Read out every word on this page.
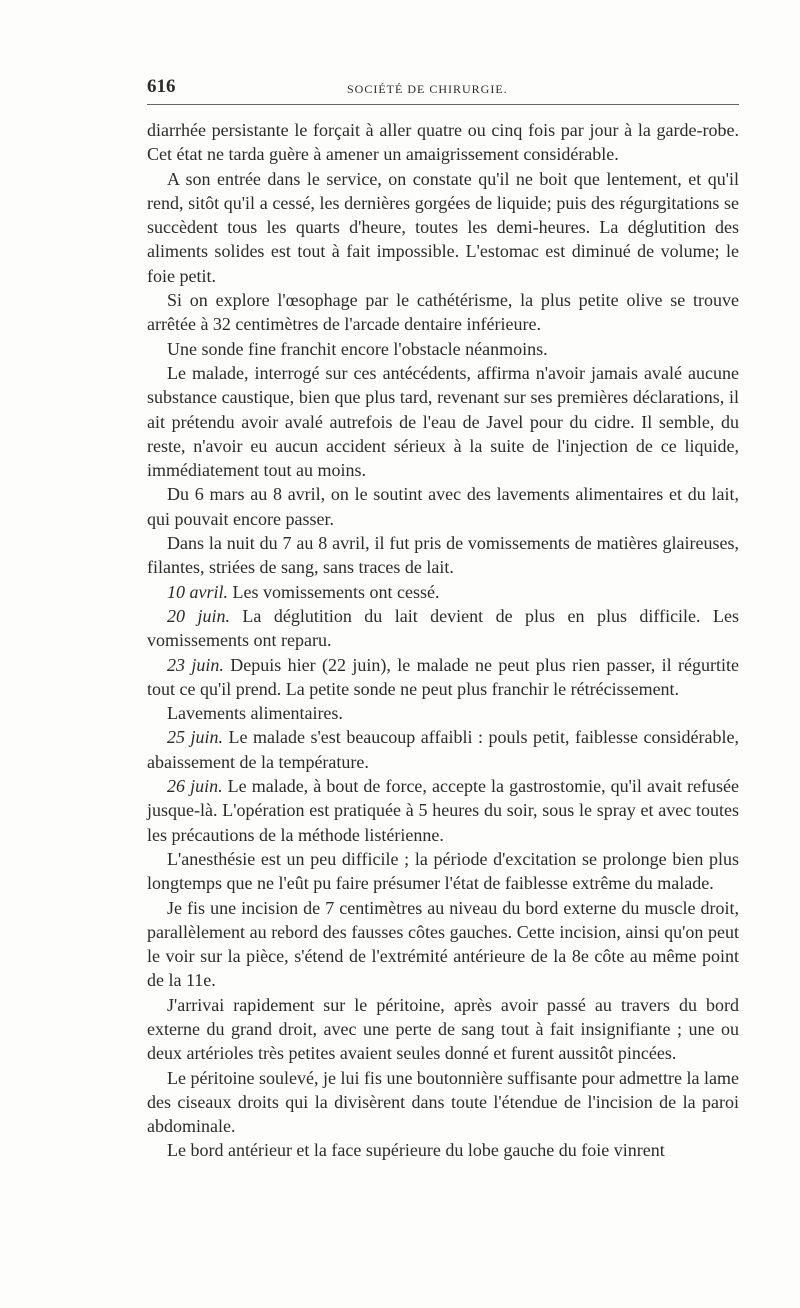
616	SOCIÉTÉ DE CHIRURGIE.

diarrhée persistante le forçait à aller quatre ou cinq fois par jour à la garde-robe. Cet état ne tarda guère à amener un amaigrissement considérable.

A son entrée dans le service, on constate qu'il ne boit que lentement, et qu'il rend, sitôt qu'il a cessé, les dernières gorgées de liquide; puis des régurgitations se succèdent tous les quarts d'heure, toutes les demi-heures. La déglutition des aliments solides est tout à fait impossible. L'estomac est diminué de volume; le foie petit.

Si on explore l'œsophage par le cathétérisme, la plus petite olive se trouve arrêtée à 32 centimètres de l'arcade dentaire inférieure.

Une sonde fine franchit encore l'obstacle néanmoins.

Le malade, interrogé sur ces antécédents, affirma n'avoir jamais avalé aucune substance caustique, bien que plus tard, revenant sur ses premières déclarations, il ait prétendu avoir avalé autrefois de l'eau de Javel pour du cidre. Il semble, du reste, n'avoir eu aucun accident sérieux à la suite de l'injection de ce liquide, immédiatement tout au moins.

Du 6 mars au 8 avril, on le soutint avec des lavements alimentaires et du lait, qui pouvait encore passer.

Dans la nuit du 7 au 8 avril, il fut pris de vomissements de matières glaireuses, filantes, striées de sang, sans traces de lait.

10 avril. Les vomissements ont cessé.

20 juin. La déglutition du lait devient de plus en plus difficile. Les vomissements ont reparu.

23 juin. Depuis hier (22 juin), le malade ne peut plus rien passer, il régurtite tout ce qu'il prend. La petite sonde ne peut plus franchir le rétrécissement.

Lavements alimentaires.

25 juin. Le malade s'est beaucoup affaibli : pouls petit, faiblesse considérable, abaissement de la température.

26 juin. Le malade, à bout de force, accepte la gastrostomie, qu'il avait refusée jusque-là. L'opération est pratiquée à 5 heures du soir, sous le spray et avec toutes les précautions de la méthode listérienne.

L'anesthésie est un peu difficile ; la période d'excitation se prolonge bien plus longtemps que ne l'eût pu faire présumer l'état de faiblesse extrême du malade.

Je fis une incision de 7 centimètres au niveau du bord externe du muscle droit, parallèlement au rebord des fausses côtes gauches. Cette incision, ainsi qu'on peut le voir sur la pièce, s'étend de l'extrémité antérieure de la 8e côte au même point de la 11e.

J'arrivai rapidement sur le péritoine, après avoir passé au travers du bord externe du grand droit, avec une perte de sang tout à fait insignifiante ; une ou deux artérioles très petites avaient seules donné et furent aussitôt pincées.

Le péritoine soulevé, je lui fis une boutonnière suffisante pour admettre la lame des ciseaux droits qui la divisèrent dans toute l'étendue de l'incision de la paroi abdominale.

Le bord antérieur et la face supérieure du lobe gauche du foie vinrent
